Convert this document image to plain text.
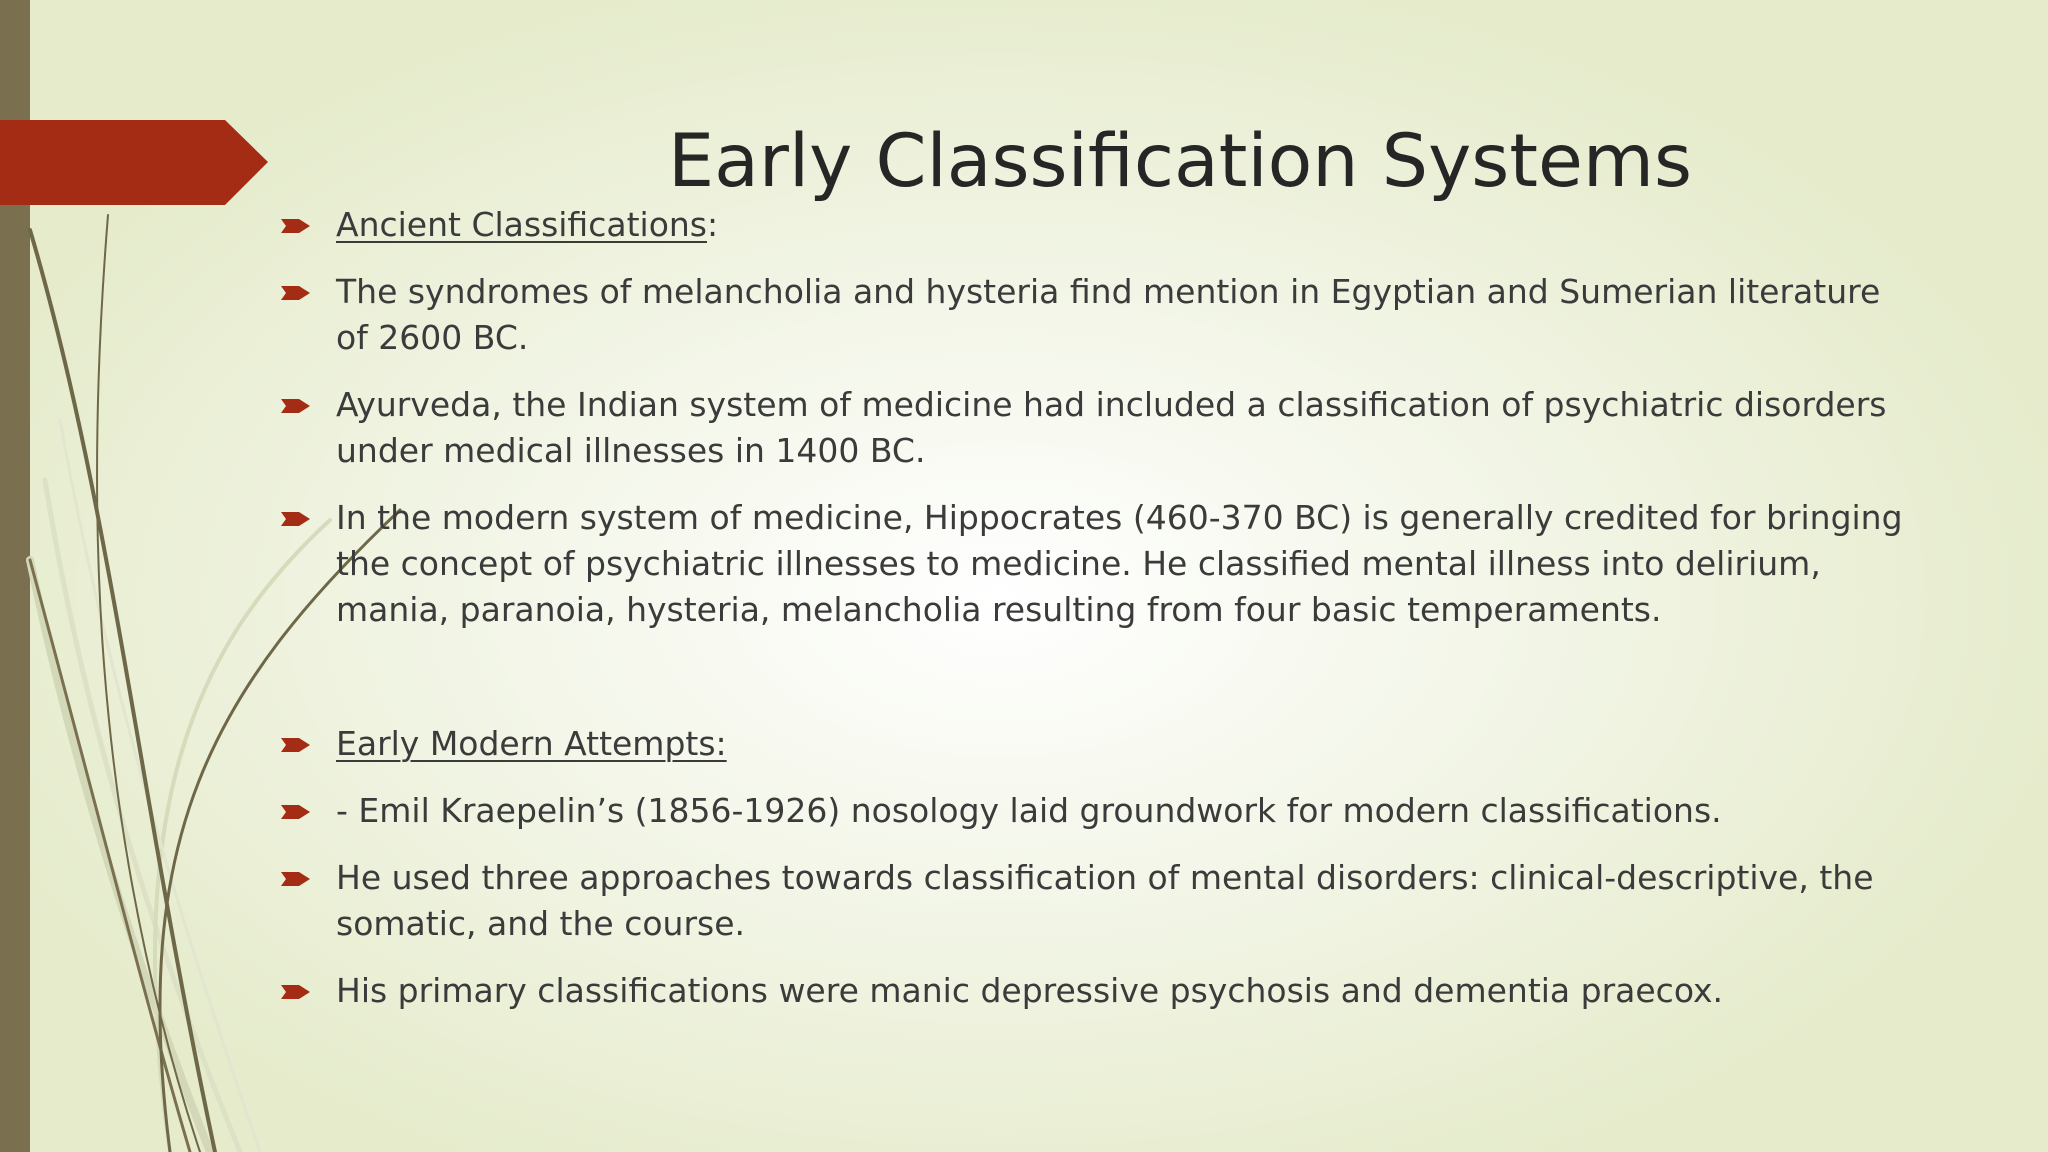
Early Classification Systems
Ancient Classifications:
The syndromes of melancholia and hysteria find mention in Egyptian and Sumerian literature of 2600 BC.
Ayurveda, the Indian system of medicine had included a classification of psychiatric disorders under medical illnesses in 1400 BC.
In the modern system of medicine, Hippocrates (460-370 BC) is generally credited for bringing the concept of psychiatric illnesses to medicine. He classified mental illness into delirium, mania, paranoia, hysteria, melancholia resulting from four basic temperaments.
Early Modern Attempts:
- Emil Kraepelin’s (1856-1926) nosology laid groundwork for modern classifications.
He used three approaches towards classification of mental disorders: clinical-descriptive, the somatic, and the course.
His primary classifications were manic depressive psychosis and dementia praecox.
